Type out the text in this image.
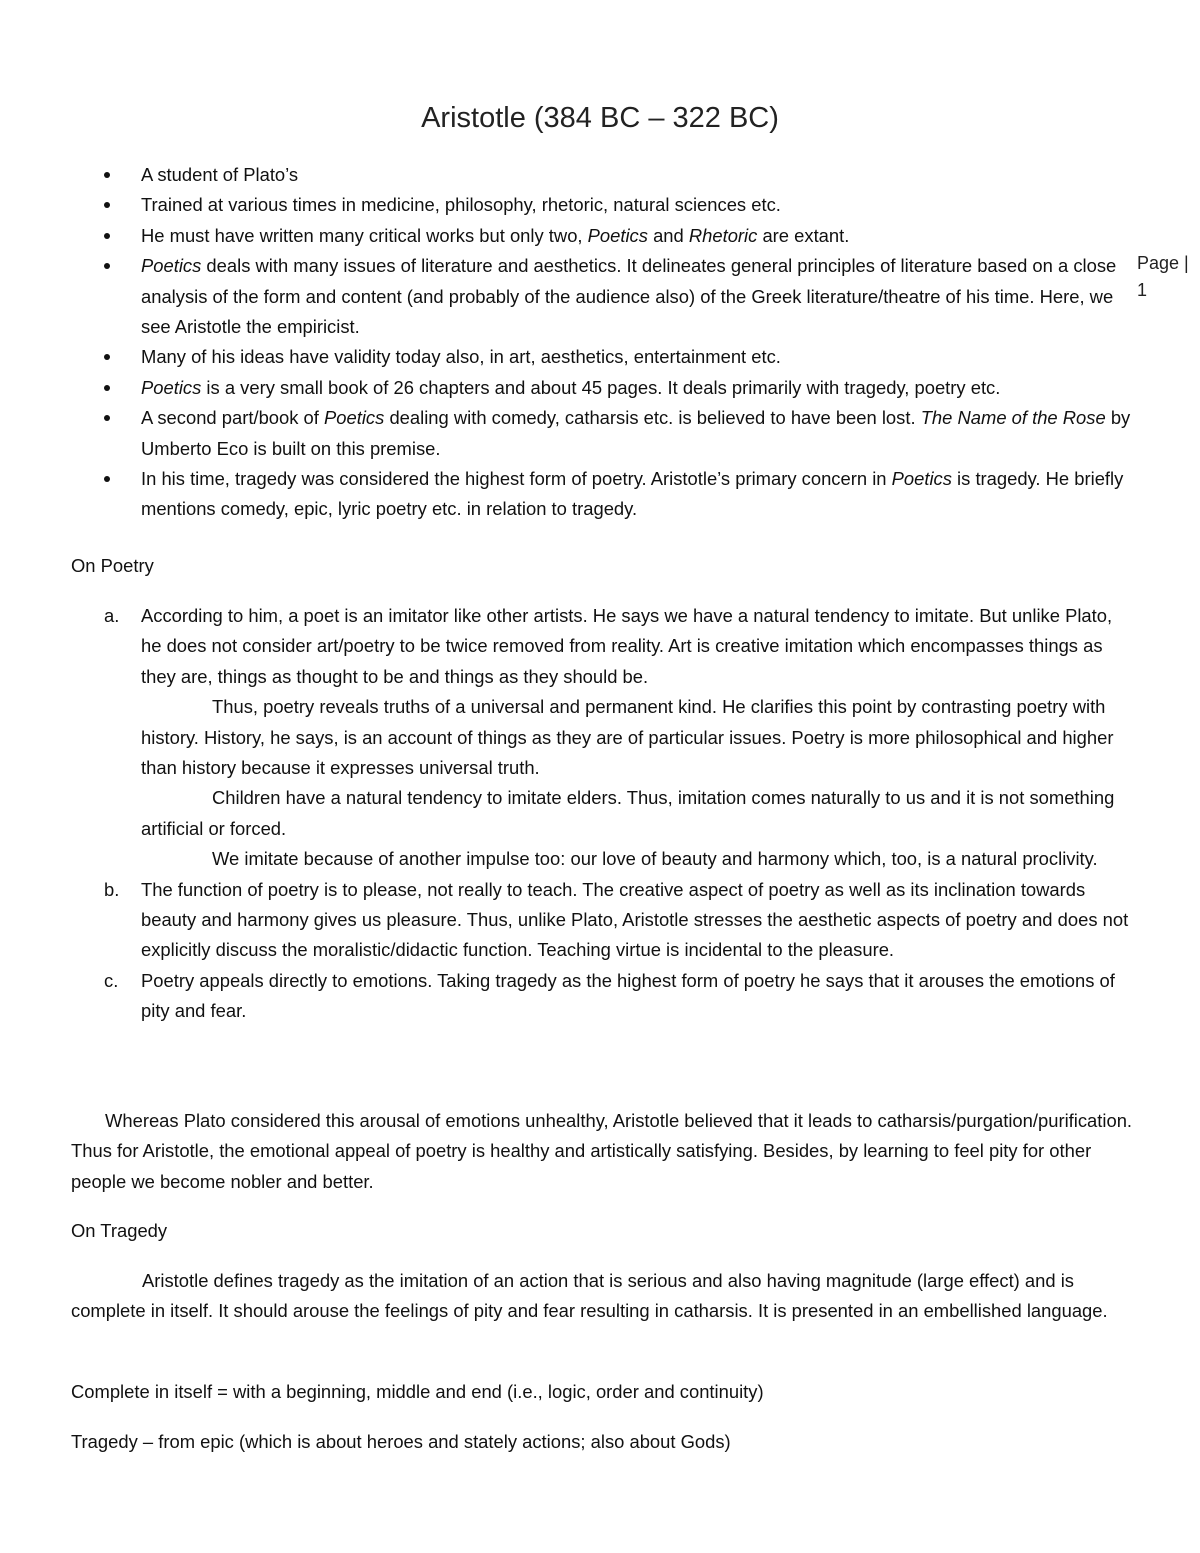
Aristotle (384 BC – 322 BC)
Page |
1
A student of Plato’s
Trained at various times in medicine, philosophy, rhetoric, natural sciences etc.
He must have written many critical works but only two, Poetics and Rhetoric are extant.
Poetics deals with many issues of literature and aesthetics. It delineates general principles of literature based on a close analysis of the form and content (and probably of the audience also) of the Greek literature/theatre of his time. Here, we see Aristotle the empiricist.
Many of his ideas have validity today also, in art, aesthetics, entertainment etc.
Poetics is a very small book of 26 chapters and about 45 pages. It deals primarily with tragedy, poetry etc.
A second part/book of Poetics dealing with comedy, catharsis etc. is believed to have been lost. The Name of the Rose by Umberto Eco is built on this premise.
In his time, tragedy was considered the highest form of poetry. Aristotle’s primary concern in Poetics is tragedy. He briefly mentions comedy, epic, lyric poetry etc. in relation to tragedy.
On Poetry
a. According to him, a poet is an imitator like other artists. He says we have a natural tendency to imitate. But unlike Plato, he does not consider art/poetry to be twice removed from reality. Art is creative imitation which encompasses things as they are, things as thought to be and things as they should be.

Thus, poetry reveals truths of a universal and permanent kind. He clarifies this point by contrasting poetry with history. History, he says, is an account of things as they are of particular issues. Poetry is more philosophical and higher than history because it expresses universal truth.

Children have a natural tendency to imitate elders. Thus, imitation comes naturally to us and it is not something artificial or forced.

We imitate because of another impulse too: our love of beauty and harmony which, too, is a natural proclivity.

b. The function of poetry is to please, not really to teach. The creative aspect of poetry as well as its inclination towards beauty and harmony gives us pleasure. Thus, unlike Plato, Aristotle stresses the aesthetic aspects of poetry and does not explicitly discuss the moralistic/didactic function. Teaching virtue is incidental to the pleasure.

c. Poetry appeals directly to emotions. Taking tragedy as the highest form of poetry he says that it arouses the emotions of pity and fear.

Whereas Plato considered this arousal of emotions unhealthy, Aristotle believed that it leads to catharsis/purgation/purification. Thus for Aristotle, the emotional appeal of poetry is healthy and artistically satisfying. Besides, by learning to feel pity for other people we become nobler and better.

On Tragedy

Aristotle defines tragedy as the imitation of an action that is serious and also having magnitude (large effect) and is complete in itself. It should arouse the feelings of pity and fear resulting in catharsis. It is presented in an embellished language.

Complete in itself = with a beginning, middle and end (i.e., logic, order and continuity)

Tragedy – from epic (which is about heroes and stately actions; also about Gods)
